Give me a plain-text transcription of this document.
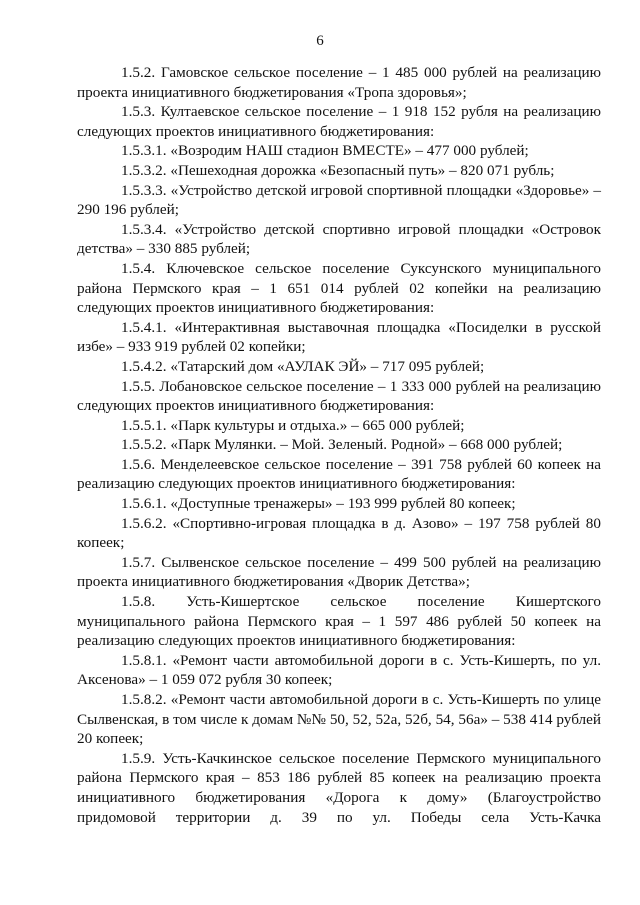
6

1.5.2. Гамовское сельское поселение – 1 485 000 рублей на реализацию проекта инициативного бюджетирования «Тропа здоровья»;

1.5.3. Култаевское сельское поселение – 1 918 152 рубля на реализацию следующих проектов инициативного бюджетирования:

1.5.3.1. «Возродим НАШ стадион ВМЕСТЕ» – 477 000 рублей;

1.5.3.2. «Пешеходная дорожка «Безопасный путь» – 820 071 рубль;

1.5.3.3. «Устройство детской игровой спортивной площадки «Здоровье» – 290 196 рублей;

1.5.3.4. «Устройство детской спортивно игровой площадки «Островок детства» – 330 885 рублей;

1.5.4. Ключевское сельское поселение Суксунского муниципального района Пермского края – 1 651 014 рублей 02 копейки на реализацию следующих проектов инициативного бюджетирования:

1.5.4.1. «Интерактивная выставочная площадка «Посиделки в русской избе» – 933 919 рублей 02 копейки;

1.5.4.2. «Татарский дом «АУЛАК ЭЙ» – 717 095 рублей;

1.5.5. Лобановское сельское поселение – 1 333 000 рублей на реализацию следующих проектов инициативного бюджетирования:

1.5.5.1. «Парк культуры и отдыха.» – 665 000 рублей;

1.5.5.2. «Парк Мулянки. – Мой. Зеленый. Родной» – 668 000 рублей;

1.5.6. Менделеевское сельское поселение – 391 758 рублей 60 копеек на реализацию следующих проектов инициативного бюджетирования:

1.5.6.1. «Доступные тренажеры» – 193 999 рублей 80 копеек;

1.5.6.2. «Спортивно-игровая площадка в д. Азово» – 197 758 рублей 80 копеек;

1.5.7. Сылвенское сельское поселение – 499 500 рублей на реализацию проекта инициативного бюджетирования «Дворик Детства»;

1.5.8. Усть-Кишертское сельское поселение Кишертского муниципального района Пермского края – 1 597 486 рублей 50 копеек на реализацию следующих проектов инициативного бюджетирования:

1.5.8.1. «Ремонт части автомобильной дороги в с. Усть-Кишерть, по ул. Аксенова» – 1 059 072 рубля 30 копеек;

1.5.8.2. «Ремонт части автомобильной дороги в с. Усть-Кишерть по улице Сылвенская, в том числе к домам №№ 50, 52, 52а, 52б, 54, 56а» – 538 414 рублей 20 копеек;

1.5.9. Усть-Качкинское сельское поселение Пермского муниципального района Пермского края – 853 186 рублей 85 копеек на реализацию проекта инициативного бюджетирования «Дорога к дому» (Благоустройство придомовой территории д. 39 по ул. Победы села Усть-Качка
